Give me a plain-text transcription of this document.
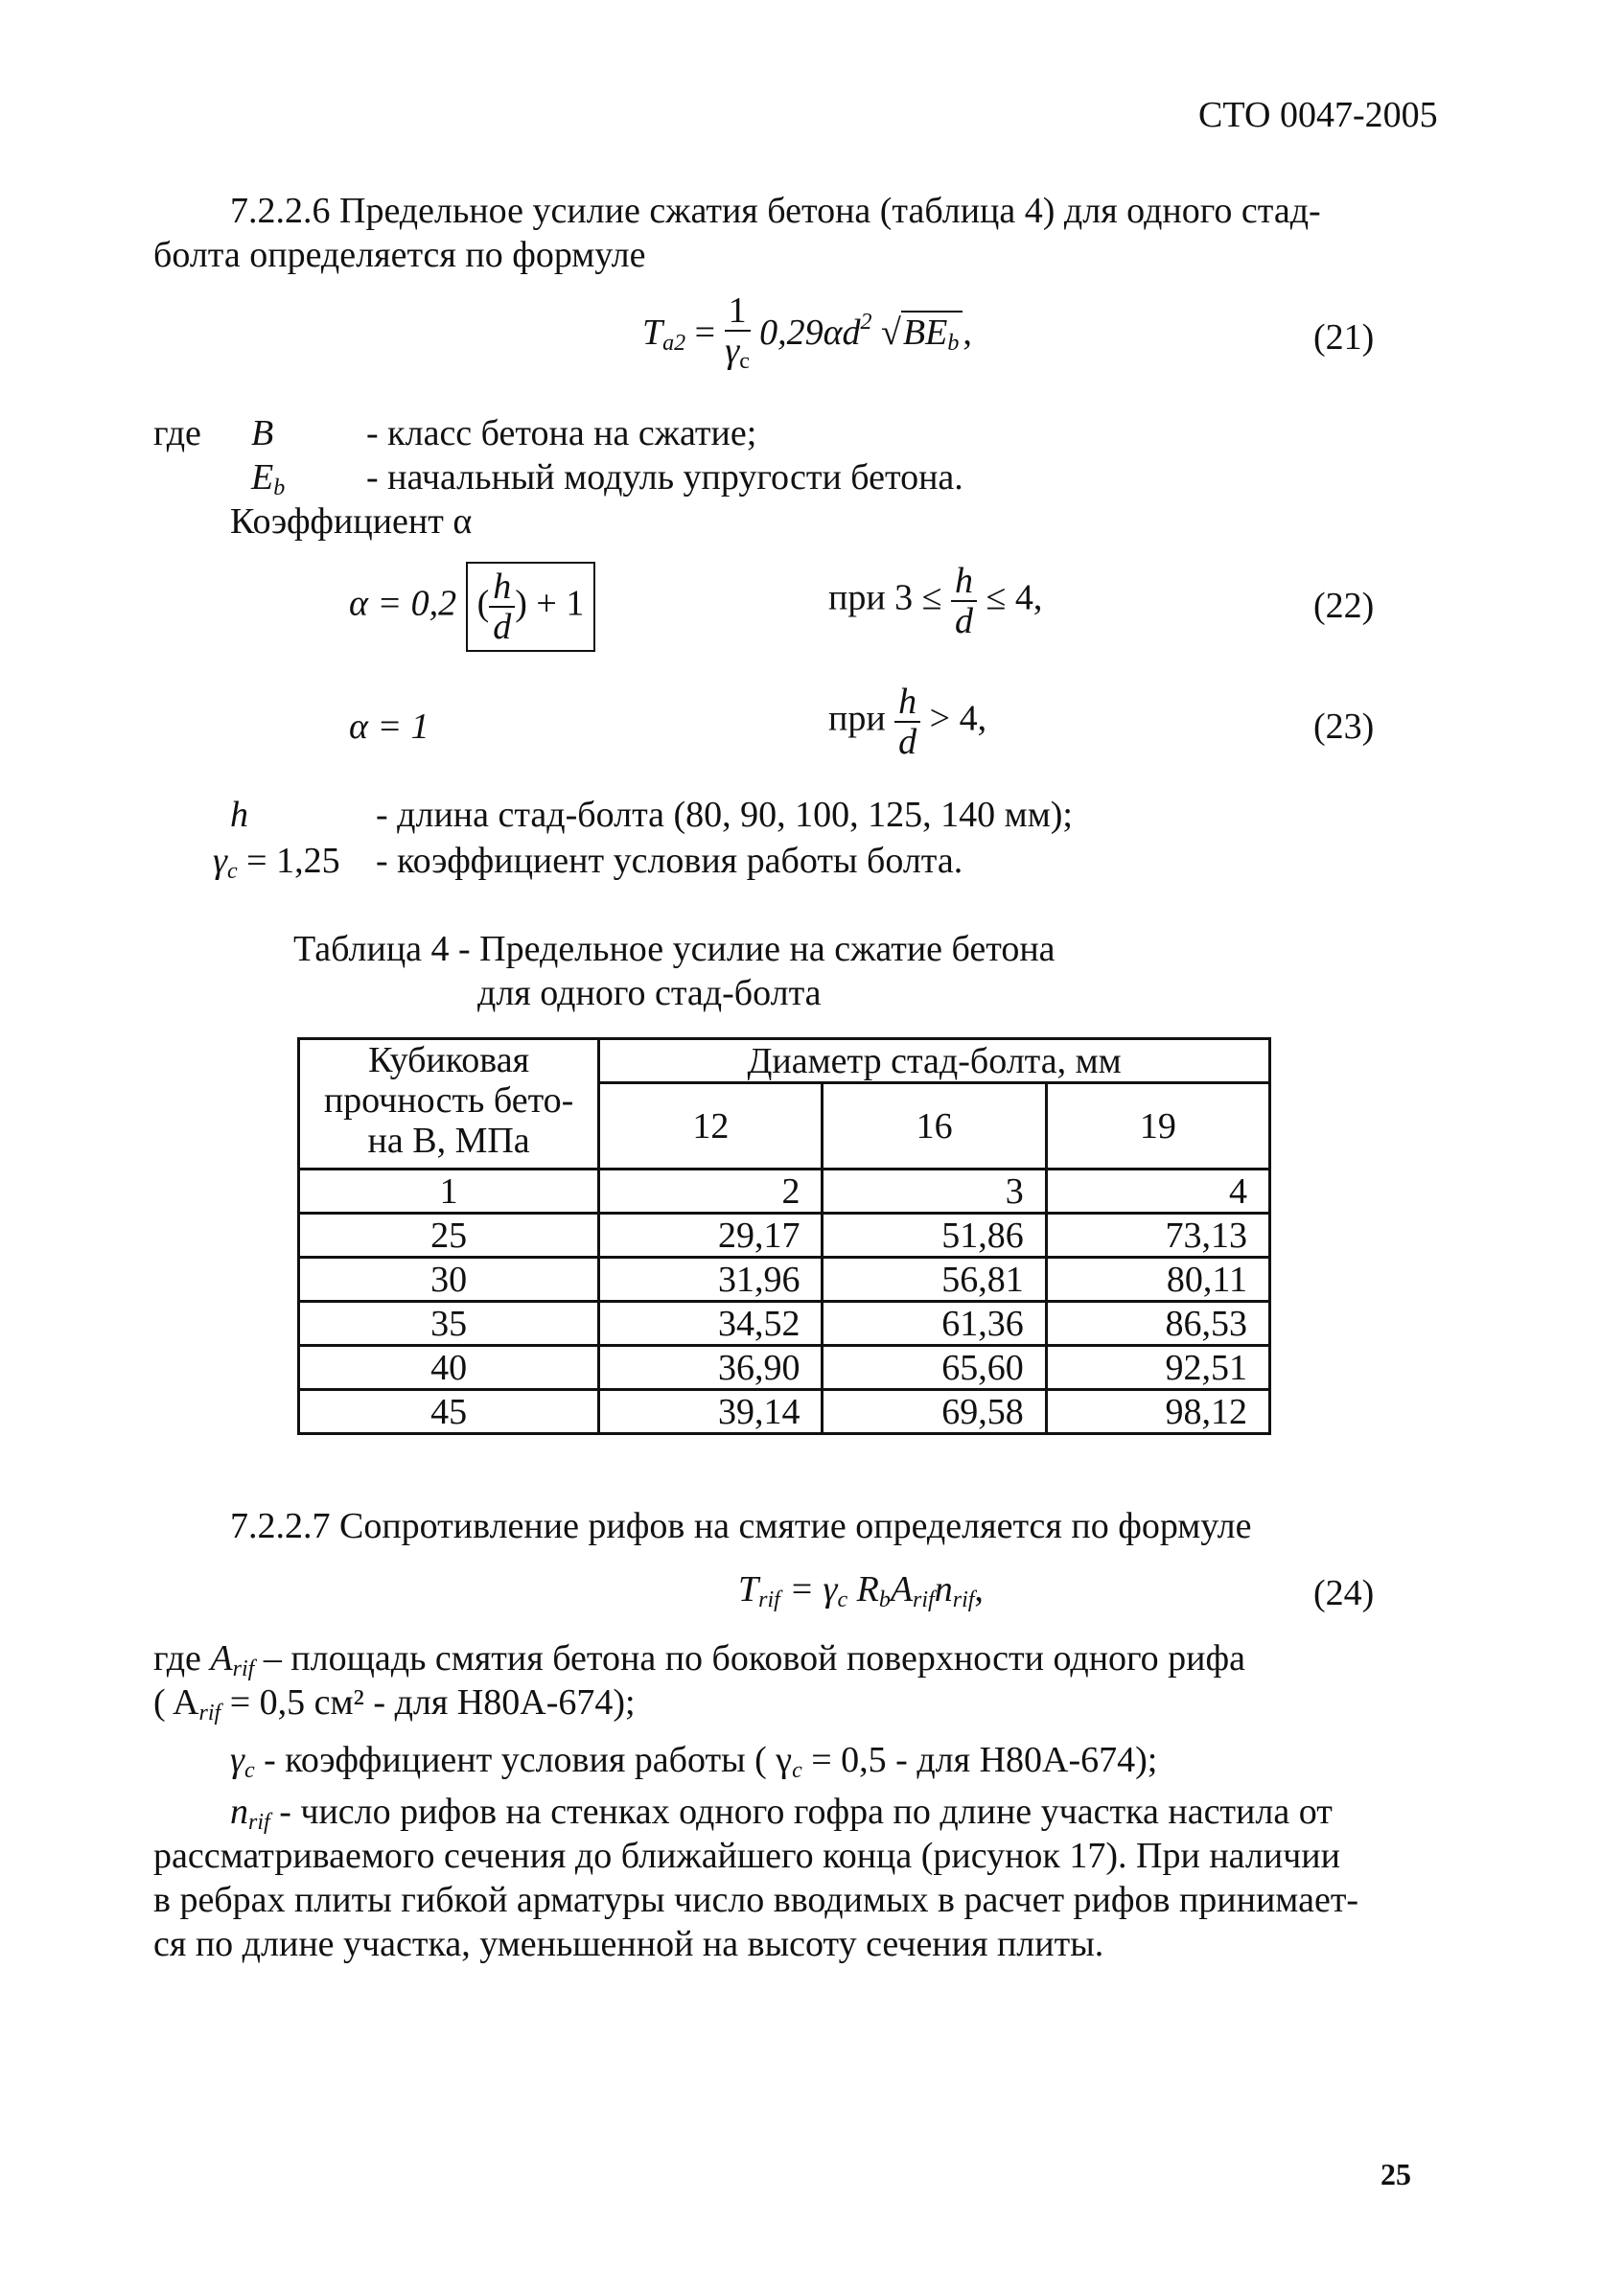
СТО 0047-2005
7.2.2.6 Предельное усилие сжатия бетона (таблица 4) для одного стад-
болта определяется по формуле
$T_{a2} = \frac{1}{\gamma_c} 0,29\alpha d^2$ $√BE_b$ ,	(21)
где B	- класс бетона на сжатие;
$E_b$ - начальный модуль упругости бетона.
Коэффициент α
α = 0,2 ( $\frac{h}{d}$ ) + 1	при $3 \le \frac{h}{d} \le 4$,	(22)
α = 1	при $\frac{h}{d} > 4$,	(23)
h	- длина стад-болта (80, 90, 100, 125, 140 мм);
$\gamma_c = 1,25$ - коэффициент условия работы болта.
Таблица 4 - Предельное усилие на сжатие бетона
для одного стад-болта
Кубиковая
прочность бето-
на В, МПа	Диаметр стад-болта, мм		
	12	16	19
1	2	3	4
25	29,17	51,86	73,13
30	31,96	56,81	80,11
35	34,52	61,36	86,53
40	36,90	65,60	92,51
45	39,14	69,58	98,12
7.2.2.7 Сопротивление рифов на смятие определяется по формуле
$T_{rif} = \gamma_c$ $R_bA_{rif}n_{rif}$,	(24)
где $A_{rif}$ – площадь смятия бетона по боковой поверхности одного рифа
( $A_{rif} = 0,5$ см² - для Н80А-674);
$\gamma_c$ - коэффициент условия работы ( $\gamma_c = 0,5$ - для Н80А-674);
$n_{rif}$ - число рифов на стенках одного гофра по длине участка настила от
рассматриваемого сечения до ближайшего конца (рисунок 17). При наличии
в ребрах плиты гибкой арматуры число вводимых в расчет рифов принимает-
ся по длине участка, уменьшенной на высоту сечения плиты.
25
